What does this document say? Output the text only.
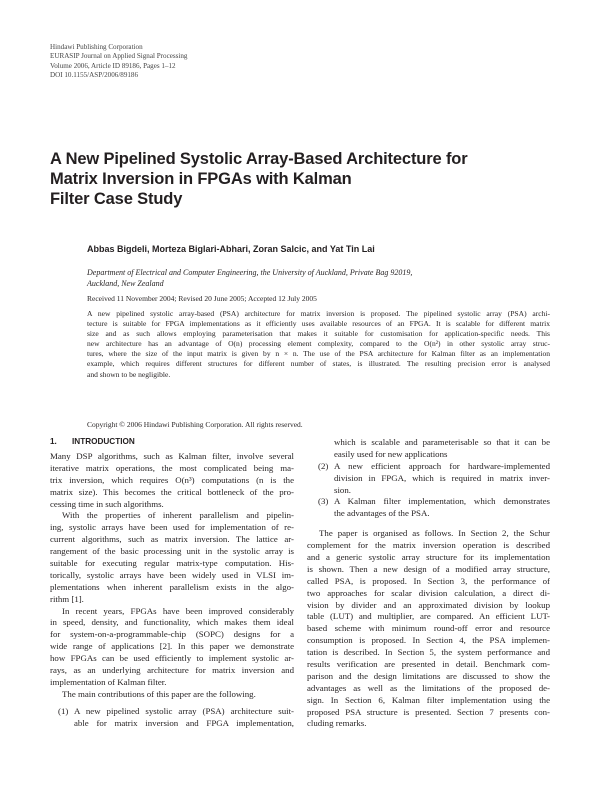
Hindawi Publishing Corporation
EURASIP Journal on Applied Signal Processing
Volume 2006, Article ID 89186, Pages 1–12
DOI 10.1155/ASP/2006/89186
A New Pipelined Systolic Array-Based Architecture for
Matrix Inversion in FPGAs with Kalman
Filter Case Study
Abbas Bigdeli, Morteza Biglari-Abhari, Zoran Salcic, and Yat Tin Lai
Department of Electrical and Computer Engineering, the University of Auckland, Private Bag 92019,
Auckland, New Zealand
Received 11 November 2004; Revised 20 June 2005; Accepted 12 July 2005
A new pipelined systolic array-based (PSA) architecture for matrix inversion is proposed. The pipelined systolic array (PSA) archi-
tecture is suitable for FPGA implementations as it efficiently uses available resources of an FPGA. It is scalable for different matrix
size and as such allows employing parameterisation that makes it suitable for customisation for application-specific needs. This
new architecture has an advantage of O(n) processing element complexity, compared to the O(n²) in other systolic array struc-
tures, where the size of the input matrix is given by n × n. The use of the PSA architecture for Kalman filter as an implementation
example, which requires different structures for different number of states, is illustrated. The resulting precision error is analysed
and shown to be negligible.
Copyright © 2006 Hindawi Publishing Corporation. All rights reserved.
1. INTRODUCTION
Many DSP algorithms, such as Kalman filter, involve several
iterative matrix operations, the most complicated being ma-
trix inversion, which requires O(n³) computations (n is the
matrix size). This becomes the critical bottleneck of the pro-
cessing time in such algorithms.
With the properties of inherent parallelism and pipelin-
ing, systolic arrays have been used for implementation of re-
current algorithms, such as matrix inversion. The lattice ar-
rangement of the basic processing unit in the systolic array is
suitable for executing regular matrix-type computation. His-
torically, systolic arrays have been widely used in VLSI im-
plementations when inherent parallelism exists in the algo-
rithm [1].
In recent years, FPGAs have been improved considerably
in speed, density, and functionality, which makes them ideal
for system-on-a-programmable-chip (SOPC) designs for a
wide range of applications [2]. In this paper we demonstrate
how FPGAs can be used efficiently to implement systolic ar-
rays, as an underlying architecture for matrix inversion and
implementation of Kalman filter.
The main contributions of this paper are the following.
(1) A new pipelined systolic array (PSA) architecture suit-
able for matrix inversion and FPGA implementation,
which is scalable and parameterisable so that it can be
easily used for new applications
(2) A new efficient approach for hardware-implemented
division in FPGA, which is required in matrix inver-
sion.
(3) A Kalman filter implementation, which demonstrates
the advantages of the PSA.
The paper is organised as follows. In Section 2, the Schur
complement for the matrix inversion operation is described
and a generic systolic array structure for its implementation
is shown. Then a new design of a modified array structure,
called PSA, is proposed. In Section 3, the performance of
two approaches for scalar division calculation, a direct di-
vision by divider and an approximated division by lookup
table (LUT) and multiplier, are compared. An efficient LUT-
based scheme with minimum round-off error and resource
consumption is proposed. In Section 4, the PSA implemen-
tation is described. In Section 5, the system performance and
results verification are presented in detail. Benchmark com-
parison and the design limitations are discussed to show the
advantages as well as the limitations of the proposed de-
sign. In Section 6, Kalman filter implementation using the
proposed PSA structure is presented. Section 7 presents con-
cluding remarks.
